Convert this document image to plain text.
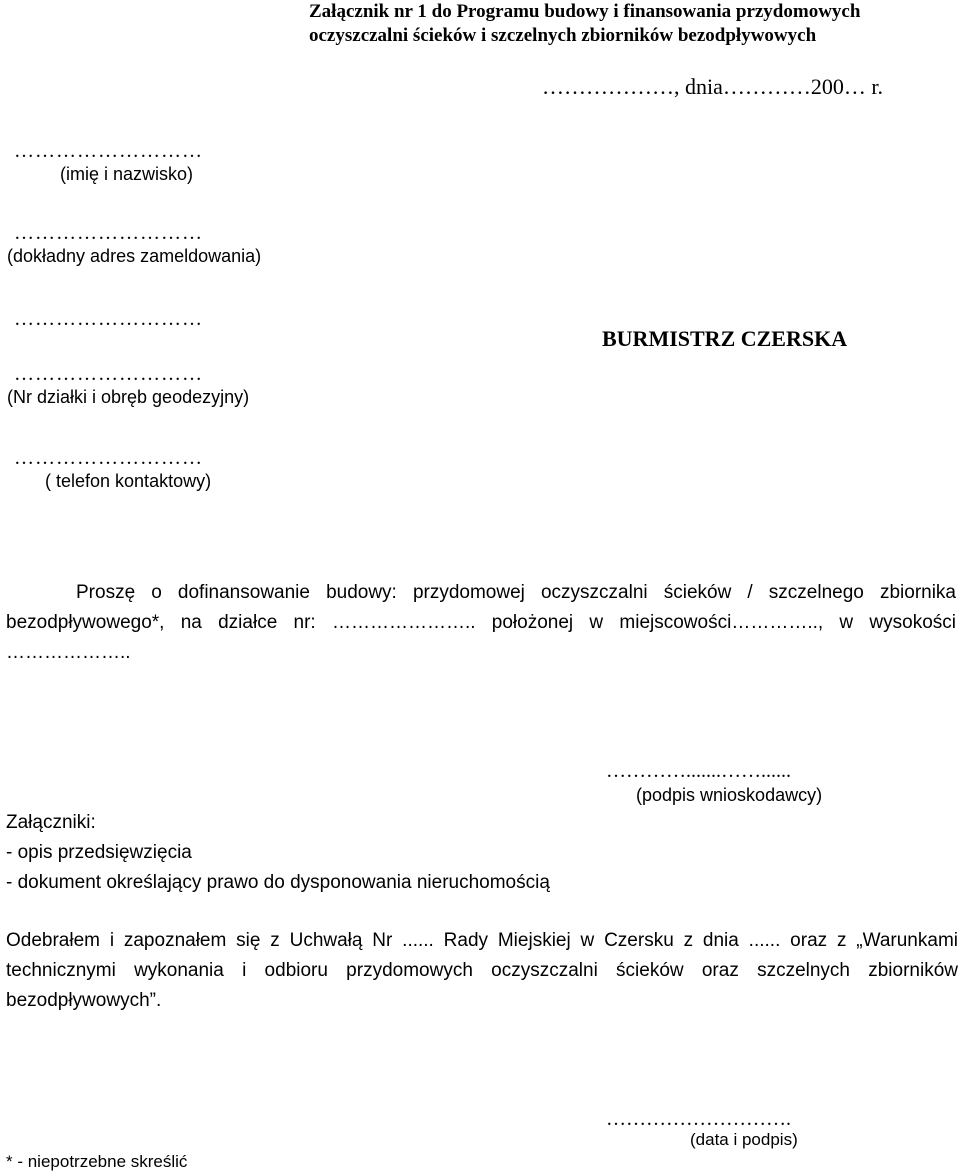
Załącznik nr 1 do Programu budowy i finansowania przydomowych
oczyszczalni ścieków i szczelnych zbiorników bezodpływowych
………………, dnia…………200… r.
………………………
(imię i nazwisko)
………………………
(dokładny adres zameldowania)
………………………
………………………
(Nr działki i obręb geodezyjny)
………………………
( telefon kontaktowy)
BURMISTRZ CZERSKA
Proszę o dofinansowanie budowy: przydomowej oczyszczalni ścieków / szczelnego zbiornika bezodpływowego*, na działce nr: ………………….. położonej w miejscowości………….., w wysokości ………………..
………….......……......
(podpis wnioskodawcy)
Załączniki:
- opis przedsięwzięcia
- dokument określający prawo do dysponowania nieruchomością
Odebrałem i zapoznałem się z Uchwałą Nr ...... Rady Miejskiej w Czersku z dnia ...... oraz z „Warunkami technicznymi wykonania i odbioru przydomowych oczyszczalni ścieków oraz szczelnych zbiorników bezodpływowych”.
……………………….
(data i podpis)
* - niepotrzebne skreślić
